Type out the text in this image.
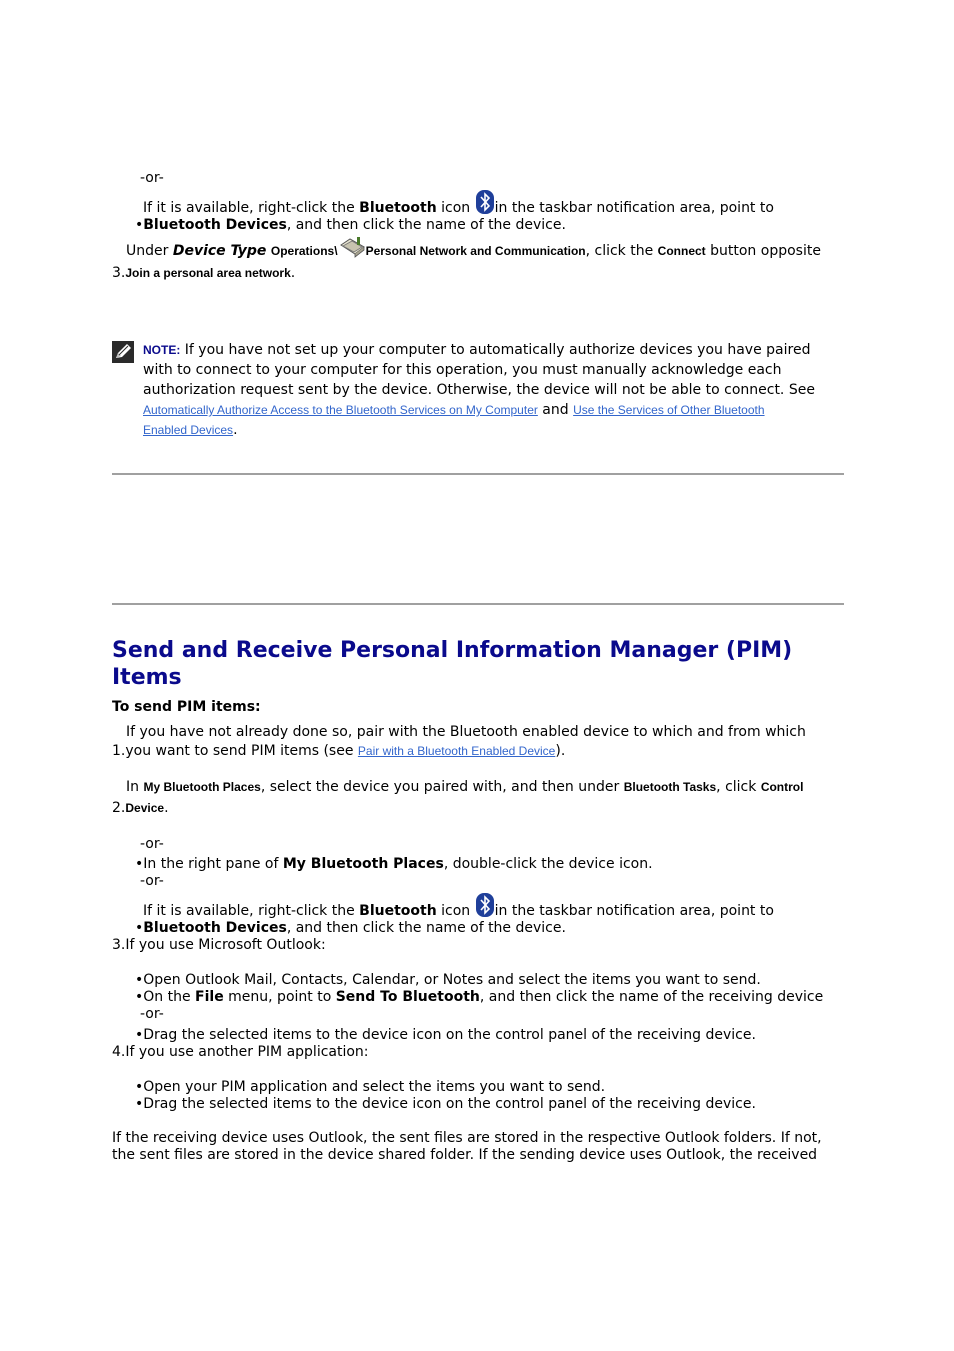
-or-
If it is available, right-click the Bluetooth icon in the taskbar notification area, point to
•Bluetooth Devices, and then click the name of the device.
Under Device Type Operations\ Personal Network and Communication, click the Connect button opposite
3.Join a personal area network.
NOTE: If you have not set up your computer to automatically authorize devices you have paired
with to connect to your computer for this operation, you must manually acknowledge each
authorization request sent by the device. Otherwise, the device will not be able to connect. See
Automatically Authorize Access to the Bluetooth Services on My Computer and Use the Services of Other Bluetooth
Enabled Devices.
Send and Receive Personal Information Manager (PIM)
Items
To send PIM items:
If you have not already done so, pair with the Bluetooth enabled device to which and from which
1.you want to send PIM items (see Pair with a Bluetooth Enabled Device).
In My Bluetooth Places, select the device you paired with, and then under Bluetooth Tasks, click Control
2.Device.
-or-
•In the right pane of My Bluetooth Places, double-click the device icon.
-or-
If it is available, right-click the Bluetooth icon in the taskbar notification area, point to
•Bluetooth Devices, and then click the name of the device.
3.If you use Microsoft Outlook:
•Open Outlook Mail, Contacts, Calendar, or Notes and select the items you want to send.
•On the File menu, point to Send To Bluetooth, and then click the name of the receiving device
-or-
•Drag the selected items to the device icon on the control panel of the receiving device.
4.If you use another PIM application:
•Open your PIM application and select the items you want to send.
•Drag the selected items to the device icon on the control panel of the receiving device.
If the receiving device uses Outlook, the sent files are stored in the respective Outlook folders. If not,
the sent files are stored in the device shared folder. If the sending device uses Outlook, the received
